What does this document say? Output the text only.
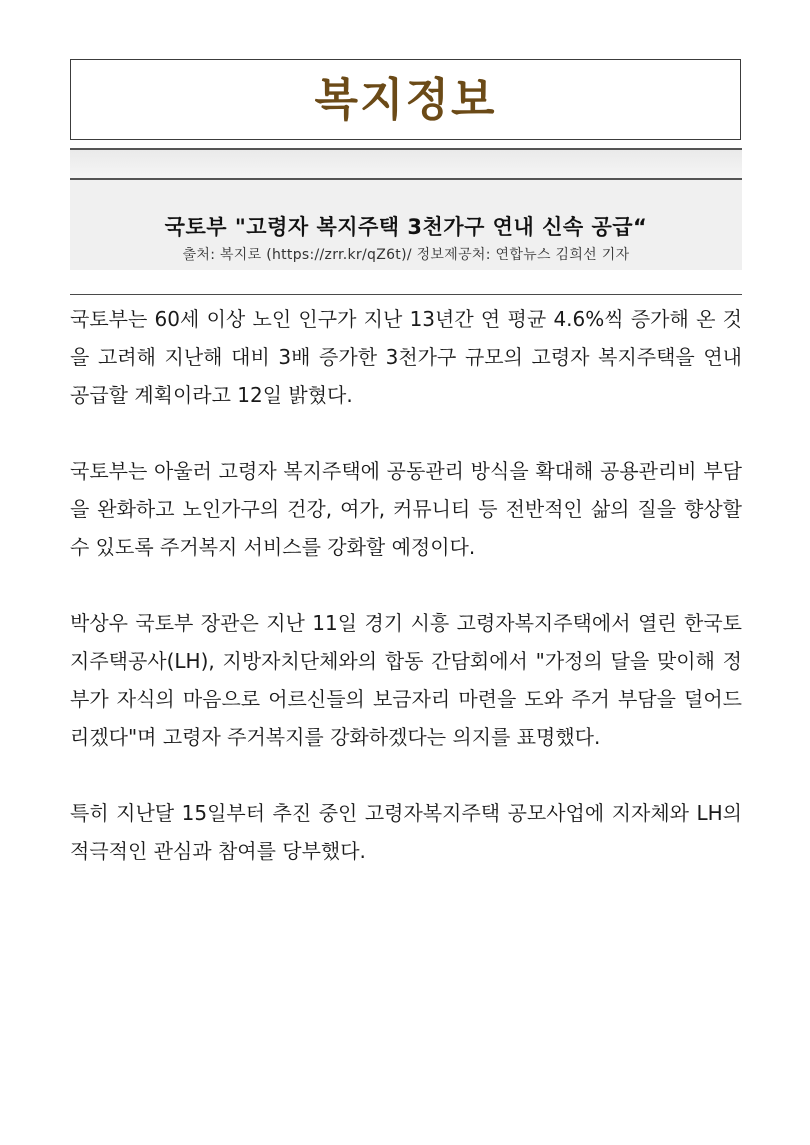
복지정보
국토부 "고령자 복지주택 3천가구 연내 신속 공급“
출처: 복지로 (https://zrr.kr/qZ6t)/ 정보제공처: 연합뉴스 김희선 기자

국토부는 60세 이상 노인 인구가 지난 13년간 연 평균 4.6%씩 증가해 온 것을 고려해 지난해 대비 3배 증가한 3천가구 규모의 고령자 복지주택을 연내 공급할 계획이라고 12일 밝혔다.

국토부는 아울러 고령자 복지주택에 공동관리 방식을 확대해 공용관리비 부담을 완화하고 노인가구의 건강, 여가, 커뮤니티 등 전반적인 삶의 질을 향상할 수 있도록 주거복지 서비스를 강화할 예정이다.

박상우 국토부 장관은 지난 11일 경기 시흥 고령자복지주택에서 열린 한국토지주택공사(LH), 지방자치단체와의 합동 간담회에서 "가정의 달을 맞이해 정부가 자식의 마음으로 어르신들의 보금자리 마련을 도와 주거 부담을 덜어드리겠다"며 고령자 주거복지를 강화하겠다는 의지를 표명했다.

특히 지난달 15일부터 추진 중인 고령자복지주택 공모사업에 지자체와 LH의 적극적인 관심과 참여를 당부했다.
